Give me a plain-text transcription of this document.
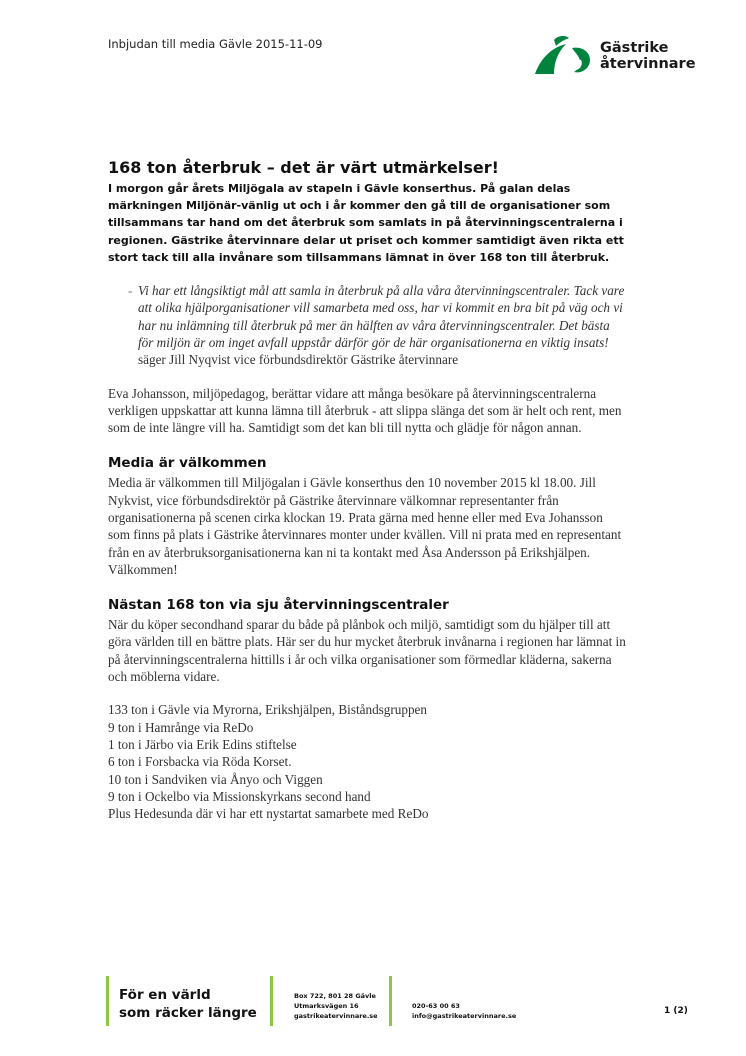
Inbjudan till media Gävle 2015-11-09	Gästrike
återvinnare
168 ton återbruk – det är värt utmärkelser!

I morgon går årets Miljögala av stapeln i Gävle konserthus. På galan delas märkningen Miljönär-vänlig ut och i år kommer den gå till de organisationer som tillsammans tar hand om det återbruk som samlats in på återvinningscentralerna i regionen. Gästrike återvinnare delar ut priset och kommer samtidigt även rikta ett stort tack till alla invånare som tillsammans lämnat in över 168 ton till återbruk.

- Vi har ett långsiktigt mål att samla in återbruk på alla våra återvinningscentraler. Tack vare att olika hjälporganisationer vill samarbeta med oss, har vi kommit en bra bit på väg och vi har nu inlämning till återbruk på mer än hälften av våra återvinningscentraler. Det bästa för miljön är om inget avfall uppstår därför gör de här organisationerna en viktig insats! säger Jill Nyqvist vice förbundsdirektör Gästrike återvinnare

Eva Johansson, miljöpedagog, berättar vidare att många besökare på återvinningscentralerna verkligen uppskattar att kunna lämna till återbruk - att slippa slänga det som är helt och rent, men som de inte längre vill ha. Samtidigt som det kan bli till nytta och glädje för någon annan.

Media är välkommen

Media är välkommen till Miljögalan i Gävle konserthus den 10 november 2015 kl 18.00. Jill Nykvist, vice förbundsdirektör på Gästrike återvinnare välkomnar representanter från organisationerna på scenen cirka klockan 19. Prata gärna med henne eller med Eva Johansson som finns på plats i Gästrike återvinnares monter under kvällen. Vill ni prata med en representant från en av återbruksorganisationerna kan ni ta kontakt med Åsa Andersson på Erikshjälpen. Välkommen!

Nästan 168 ton via sju återvinningscentraler

När du köper secondhand sparar du både på plånbok och miljö, samtidigt som du hjälper till att göra världen till en bättre plats. Här ser du hur mycket återbruk invånarna i regionen har lämnat in på återvinningscentralerna hittills i år och vilka organisationer som förmedlar kläderna, sakerna och möblerna vidare.

133 ton i Gävle via Myrorna, Erikshjälpen, Biståndsgruppen
9 ton i Hamrånge via ReDo
1 ton i Järbo via Erik Edins stiftelse
6 ton i Forsbacka via Röda Korset.
10 ton i Sandviken via Ånyo och Viggen
9 ton i Ockelbo via Missionskyrkans second hand
Plus Hedesunda där vi har ett nystartat samarbete med ReDo
För en värld
som räcker längre
Box 722, 801 28 Gävle
Utmarksvägen 16
gastrikeatervinnare.se
020-63 00 63
info@gastrikeatervinnare.se	1 (2)
